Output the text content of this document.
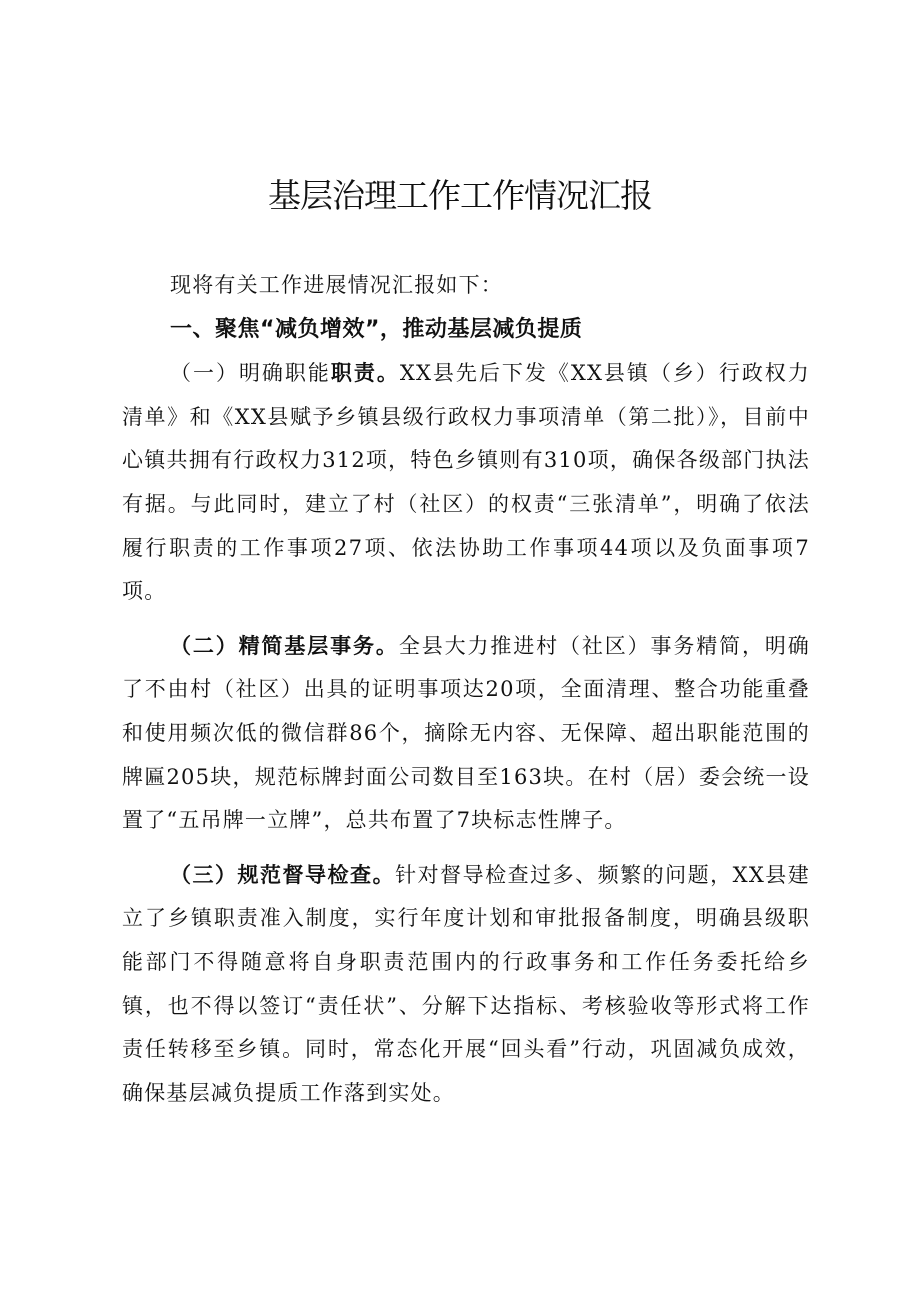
基层治理工作工作情况汇报

现将有关工作进展情况汇报如下：

一、聚焦“减负增效”，推动基层减负提质

（一）明确职能职责。XX县先后下发《XX县镇（乡）行政权力清单》和《XX县赋予乡镇县级行政权力事项清单（第二批）》，目前中心镇共拥有行政权力312项，特色乡镇则有310项，确保各级部门执法有据。与此同时，建立了村（社区）的权责“三张清单”，明确了依法履行职责的工作事项27项、依法协助工作事项44项以及负面事项7项。

（二）精简基层事务。全县大力推进村（社区）事务精简，明确了不由村（社区）出具的证明事项达20项，全面清理、整合功能重叠和使用频次低的微信群86个，摘除无内容、无保障、超出职能范围的牌匾205块，规范标牌封面公司数目至163块。在村（居）委会统一设置了“五吊牌一立牌”，总共布置了7块标志性牌子。

（三）规范督导检查。针对督导检查过多、频繁的问题，XX县建立了乡镇职责准入制度，实行年度计划和审批报备制度，明确县级职能部门不得随意将自身职责范围内的行政事务和工作任务委托给乡镇，也不得以签订“责任状”、分解下达指标、考核验收等形式将工作责任转移至乡镇。同时，常态化开展“回头看”行动，巩固减负成效，确保基层减负提质工作落到实处。
